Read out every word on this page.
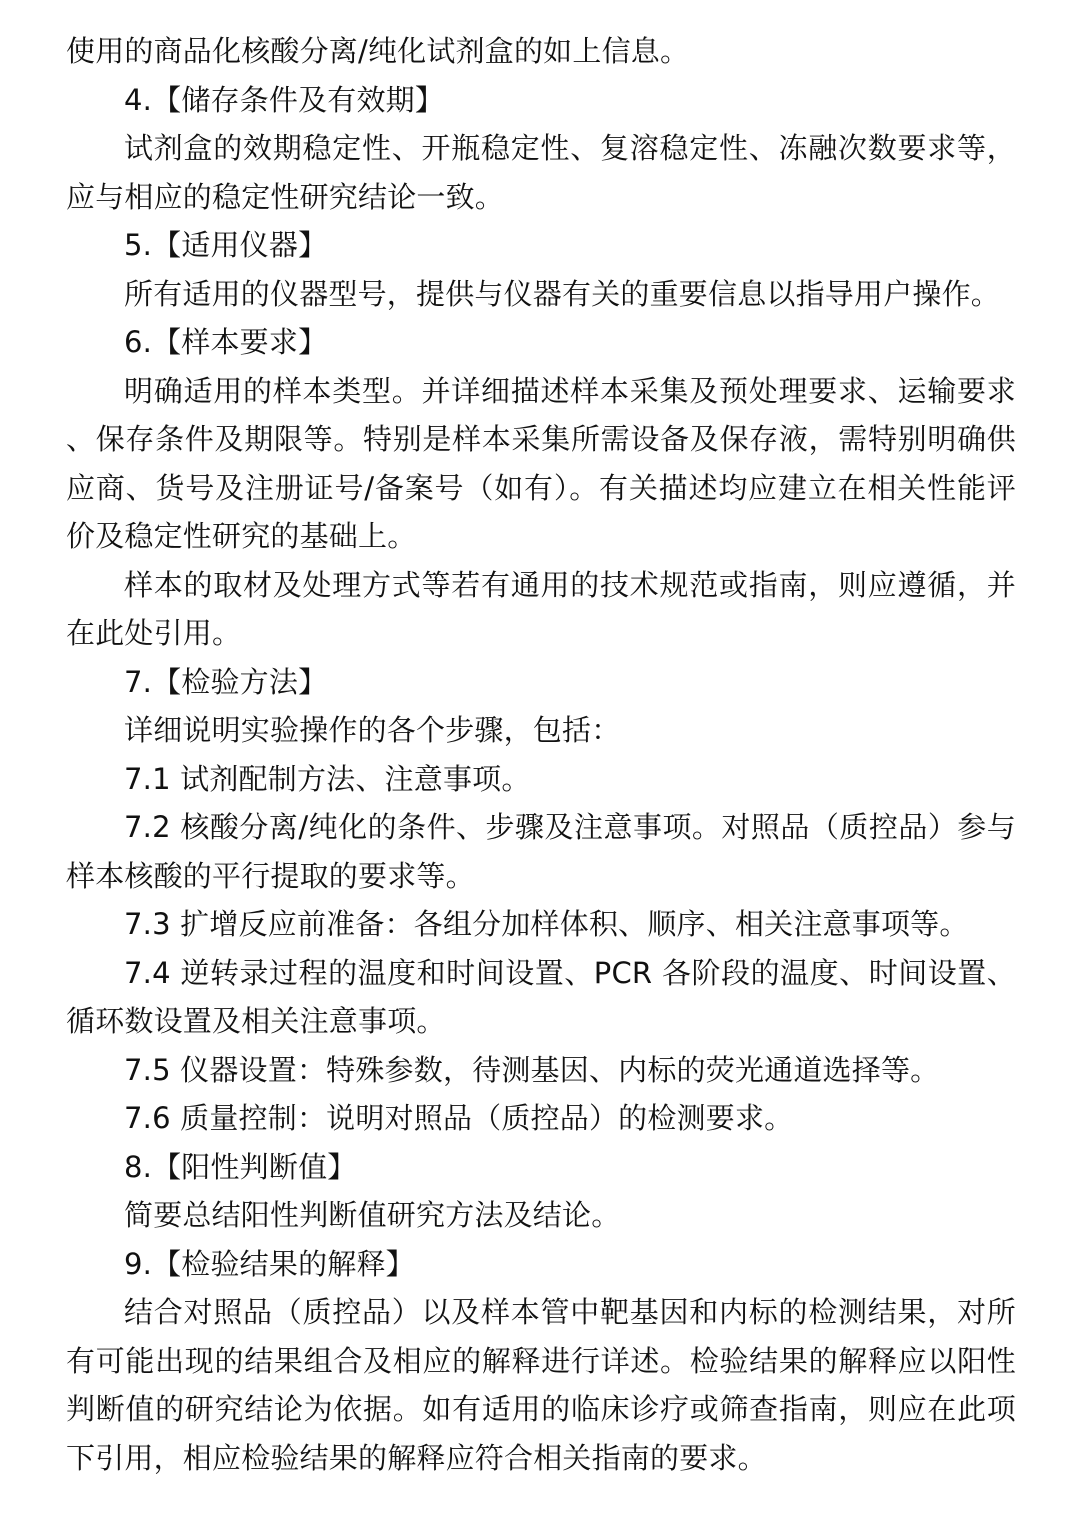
使用的商品化核酸分离/纯化试剂盒的如上信息。

4.【储存条件及有效期】

试剂盒的效期稳定性、开瓶稳定性、复溶稳定性、冻融次数要求等，应与相应的稳定性研究结论一致。

5.【适用仪器】

所有适用的仪器型号，提供与仪器有关的重要信息以指导用户操作。

6.【样本要求】

明确适用的样本类型。并详细描述样本采集及预处理要求、运输要求、保存条件及期限等。特别是样本采集所需设备及保存液，需特别明确供应商、货号及注册证号/备案号（如有）。有关描述均应建立在相关性能评价及稳定性研究的基础上。

样本的取材及处理方式等若有通用的技术规范或指南，则应遵循，并在此处引用。

7.【检验方法】

详细说明实验操作的各个步骤，包括：

7.1 试剂配制方法、注意事项。

7.2 核酸分离/纯化的条件、步骤及注意事项。对照品（质控品）参与样本核酸的平行提取的要求等。

7.3 扩增反应前准备：各组分加样体积、顺序、相关注意事项等。

7.4 逆转录过程的温度和时间设置、PCR 各阶段的温度、时间设置、循环数设置及相关注意事项。

7.5 仪器设置：特殊参数，待测基因、内标的荧光通道选择等。

7.6 质量控制：说明对照品（质控品）的检测要求。

8.【阳性判断值】

简要总结阳性判断值研究方法及结论。

9.【检验结果的解释】

结合对照品（质控品）以及样本管中靶基因和内标的检测结果，对所有可能出现的结果组合及相应的解释进行详述。检验结果的解释应以阳性判断值的研究结论为依据。如有适用的临床诊疗或筛查指南，则应在此项下引用，相应检验结果的解释应符合相关指南的要求。
